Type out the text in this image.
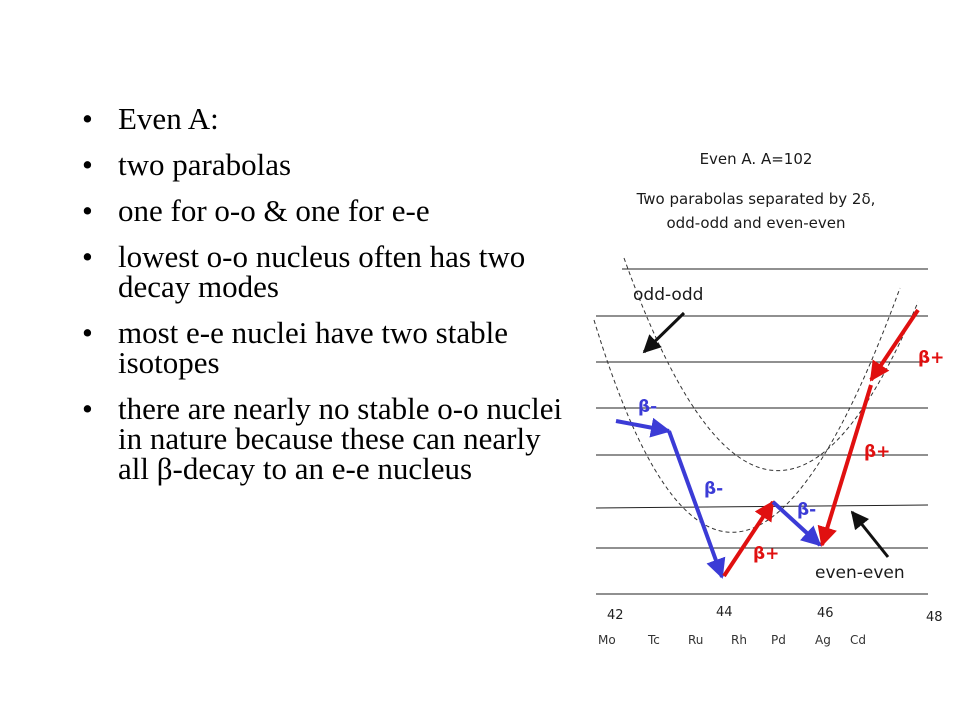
• Even A:
• two parabolas
• one for o-o & one for e-e
• lowest o-o nucleus often has two decay modes
• most e-e nuclei have two stable isotopes
• there are nearly no stable o-o nuclei in nature because these can nearly all β-decay to an e-e nucleus
Even A. A=102
Two parabolas separated by 2δ,
odd-odd and even-even
β-
β-
β-
β+
β+
β+
odd-odd
even-even
42	44	46	48
Mo	Tc Ru Rh Pd Ag Cd
